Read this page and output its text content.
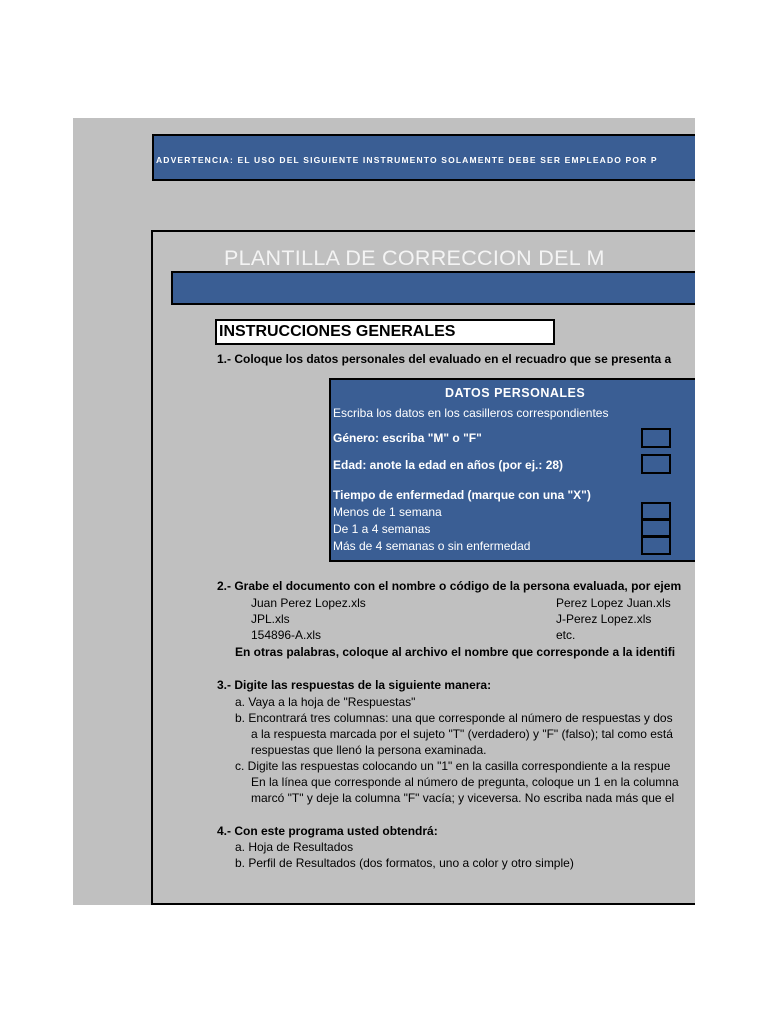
ADVERTENCIA: EL USO DEL SIGUIENTE INSTRUMENTO SOLAMENTE DEBE SER EMPLEADO POR P
PLANTILLA DE CORRECCION DEL M
INSTRUCCIONES GENERALES
1.- Coloque los datos personales del evaluado en el recuadro que se presenta a
DATOS PERSONALES
Escriba los datos en los casilleros correspondientes
Género: escriba "M" o "F"
Edad: anote la edad en años (por ej.: 28)
Tiempo de enfermedad (marque con una "X")
Menos de 1 semana
De 1 a 4 semanas
Más de 4 semanas o sin enfermedad
2.- Grabe el documento con el nombre o código de la persona evaluada, por ejem
Juan Perez Lopez.xls
JPL.xls
154896-A.xls
Perez Lopez Juan.xls
J-Perez Lopez.xls
etc.
En otras palabras, coloque al archivo el nombre que corresponde a la identifi
3.- Digite las respuestas de la siguiente manera:
a. Vaya a la hoja de "Respuestas"
b. Encontrará tres columnas: una que corresponde al número de respuestas y dos
a la respuesta marcada por el sujeto "T" (verdadero) y "F" (falso); tal como está
respuestas que llenó la persona examinada.
c. Digite las respuestas colocando un "1" en la casilla correspondiente a la respue
En la línea que corresponde al número de pregunta, coloque un 1 en la columna
marcó "T" y deje la columna "F" vacía; y viceversa. No escriba nada más que el
4.- Con este programa usted obtendrá:
a. Hoja de Resultados
b. Perfil de Resultados (dos formatos, uno a color y otro simple)
